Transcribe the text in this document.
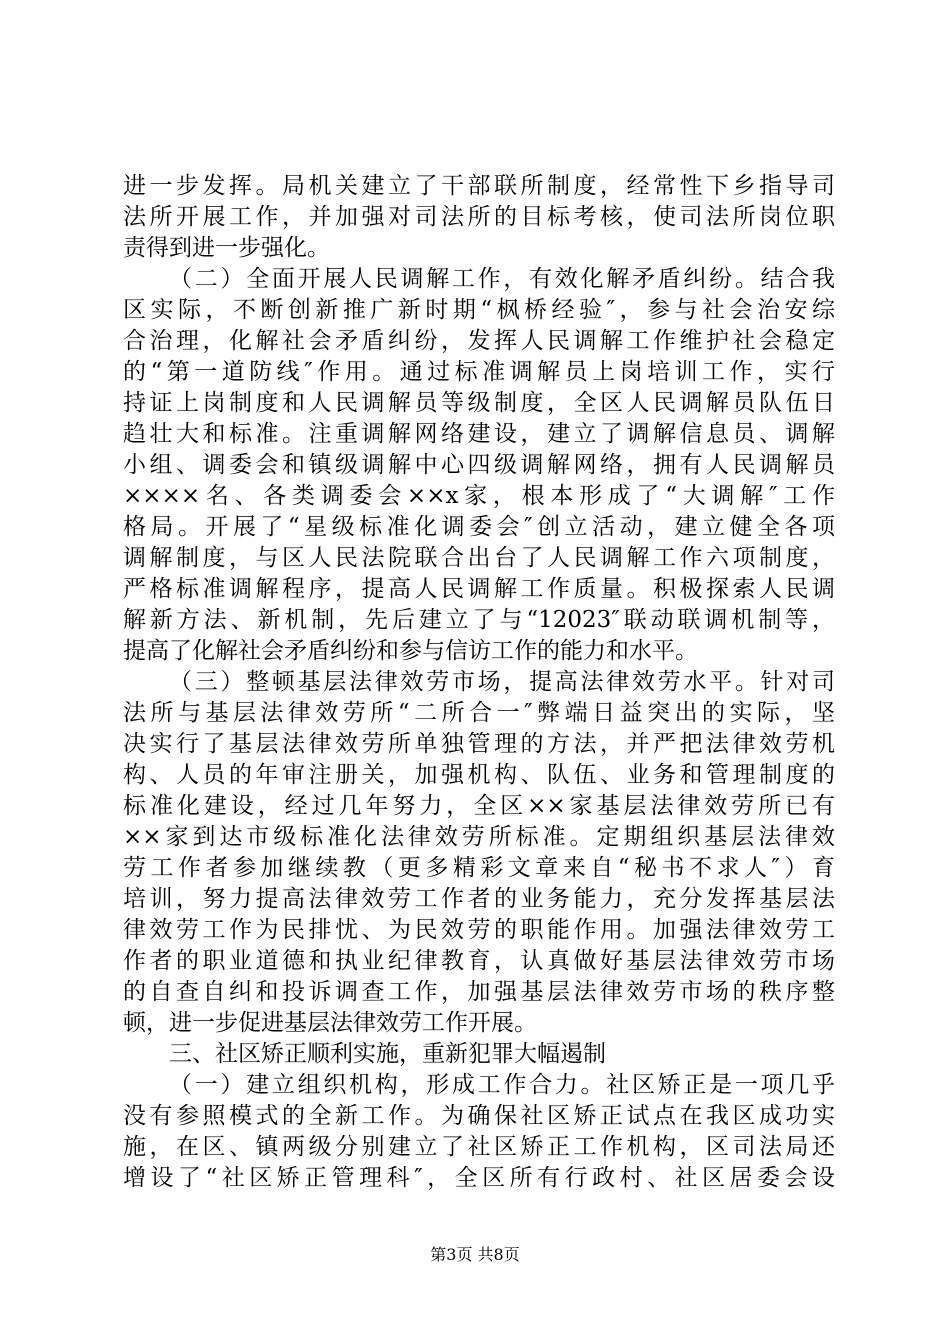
进一步发挥。局机关建立了干部联所制度，经常性下乡指导司
法所开展工作，并加强对司法所的目标考核，使司法所岗位职
责得到进一步强化。
（二）全面开展人民调解工作，有效化解矛盾纠纷。结合我
区实际，不断创新推广新时期“枫桥经验″，参与社会治安综
合治理，化解社会矛盾纠纷，发挥人民调解工作维护社会稳定
的“第一道防线″作用。通过标准调解员上岗培训工作，实行
持证上岗制度和人民调解员等级制度，全区人民调解员队伍日
趋壮大和标准。注重调解网络建设，建立了调解信息员、调解
小组、调委会和镇级调解中心四级调解网络，拥有人民调解员
××××名、各类调委会××x家，根本形成了“大调解″工作
格局。开展了“星级标准化调委会″创立活动，建立健全各项
调解制度，与区人民法院联合出台了人民调解工作六项制度，
严格标准调解程序，提高人民调解工作质量。积极探索人民调
解新方法、新机制，先后建立了与“12023″联动联调机制等，
提高了化解社会矛盾纠纷和参与信访工作的能力和水平。
（三）整顿基层法律效劳市场，提高法律效劳水平。针对司
法所与基层法律效劳所“二所合一″弊端日益突出的实际，坚
决实行了基层法律效劳所单独管理的方法，并严把法律效劳机
构、人员的年审注册关，加强机构、队伍、业务和管理制度的
标准化建设，经过几年努力，全区××家基层法律效劳所已有
××家到达市级标准化法律效劳所标准。定期组织基层法律效
劳工作者参加继续教（更多精彩文章来自“秘书不求人″）育
培训，努力提高法律效劳工作者的业务能力，充分发挥基层法
律效劳工作为民排忧、为民效劳的职能作用。加强法律效劳工
作者的职业道德和执业纪律教育，认真做好基层法律效劳市场
的自查自纠和投诉调查工作，加强基层法律效劳市场的秩序整
顿，进一步促进基层法律效劳工作开展。
三、社区矫正顺利实施，重新犯罪大幅遏制
（一）建立组织机构，形成工作合力。社区矫正是一项几乎
没有参照模式的全新工作。为确保社区矫正试点在我区成功实
施，在区、镇两级分别建立了社区矫正工作机构，区司法局还
增设了“社区矫正管理科″，全区所有行政村、社区居委会设
第3页 共8页
